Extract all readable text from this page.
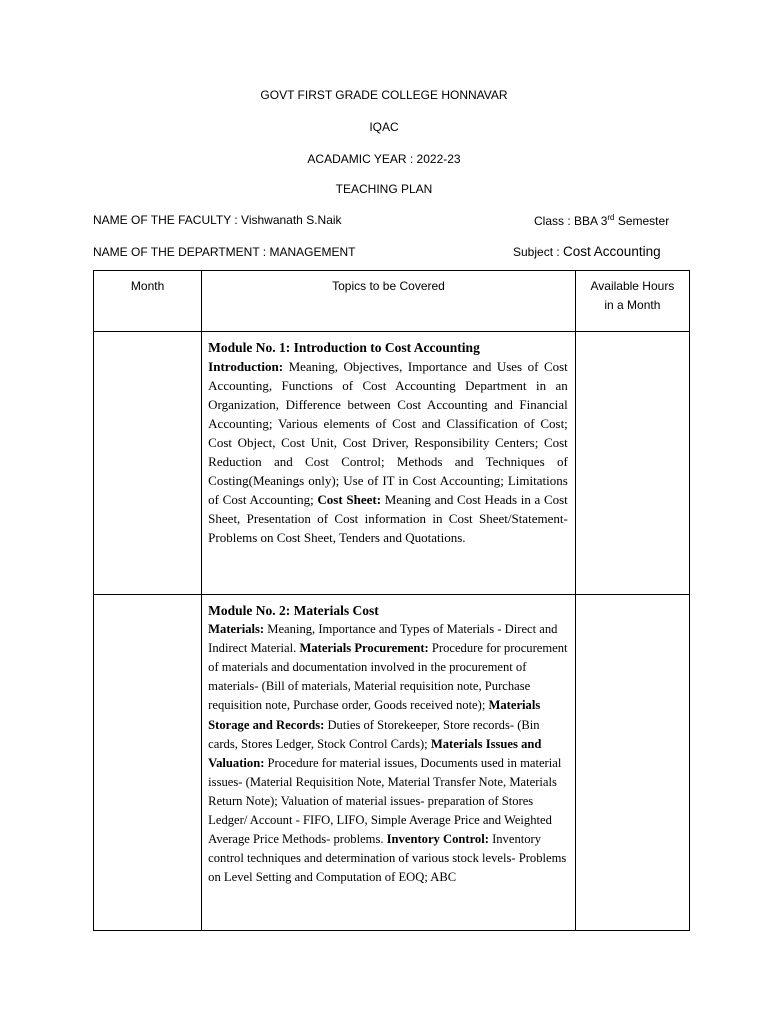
GOVT FIRST GRADE COLLEGE HONNAVAR
IQAC
ACADAMIC YEAR : 2022-23
TEACHING PLAN
NAME OF THE FACULTY : Vishwanath S.Naik	Class : BBA 3rd Semester
NAME OF THE DEPARTMENT : MANAGEMENT	Subject : Cost Accounting
Month	Topics to be Covered	Available Hours
in a Month

	Module No. 1: Introduction to Cost Accounting
Introduction: Meaning, Objectives, Importance and Uses of Cost Accounting, Functions of Cost Accounting Department in an Organization, Difference between Cost Accounting and Financial Accounting; Various elements of Cost and Classification of Cost; Cost Object, Cost Unit, Cost Driver, Responsibility Centers; Cost Reduction and Cost Control; Methods and Techniques of Costing(Meanings only); Use of IT in Cost Accounting; Limitations of Cost Accounting; Cost Sheet: Meaning and Cost Heads in a Cost Sheet, Presentation of Cost information in Cost Sheet/Statement- Problems on Cost Sheet, Tenders and Quotations.	

	Module No. 2: Materials Cost
Materials: Meaning, Importance and Types of Materials - Direct and Indirect Material. Materials Procurement: Procedure for procurement of materials and documentation involved in the procurement of materials- (Bill of materials, Material requisition note, Purchase requisition note, Purchase order, Goods received note); Materials Storage and Records: Duties of Storekeeper, Store records- (Bin cards, Stores Ledger, Stock Control Cards); Materials Issues and Valuation: Procedure for material issues, Documents used in material issues- (Material Requisition Note, Material Transfer Note, Materials Return Note); Valuation of material issues- preparation of Stores Ledger/ Account - FIFO, LIFO, Simple Average Price and Weighted Average Price Methods- problems. Inventory Control: Inventory control techniques and determination of various stock levels- Problems on Level Setting and Computation of EOQ; ABC	
